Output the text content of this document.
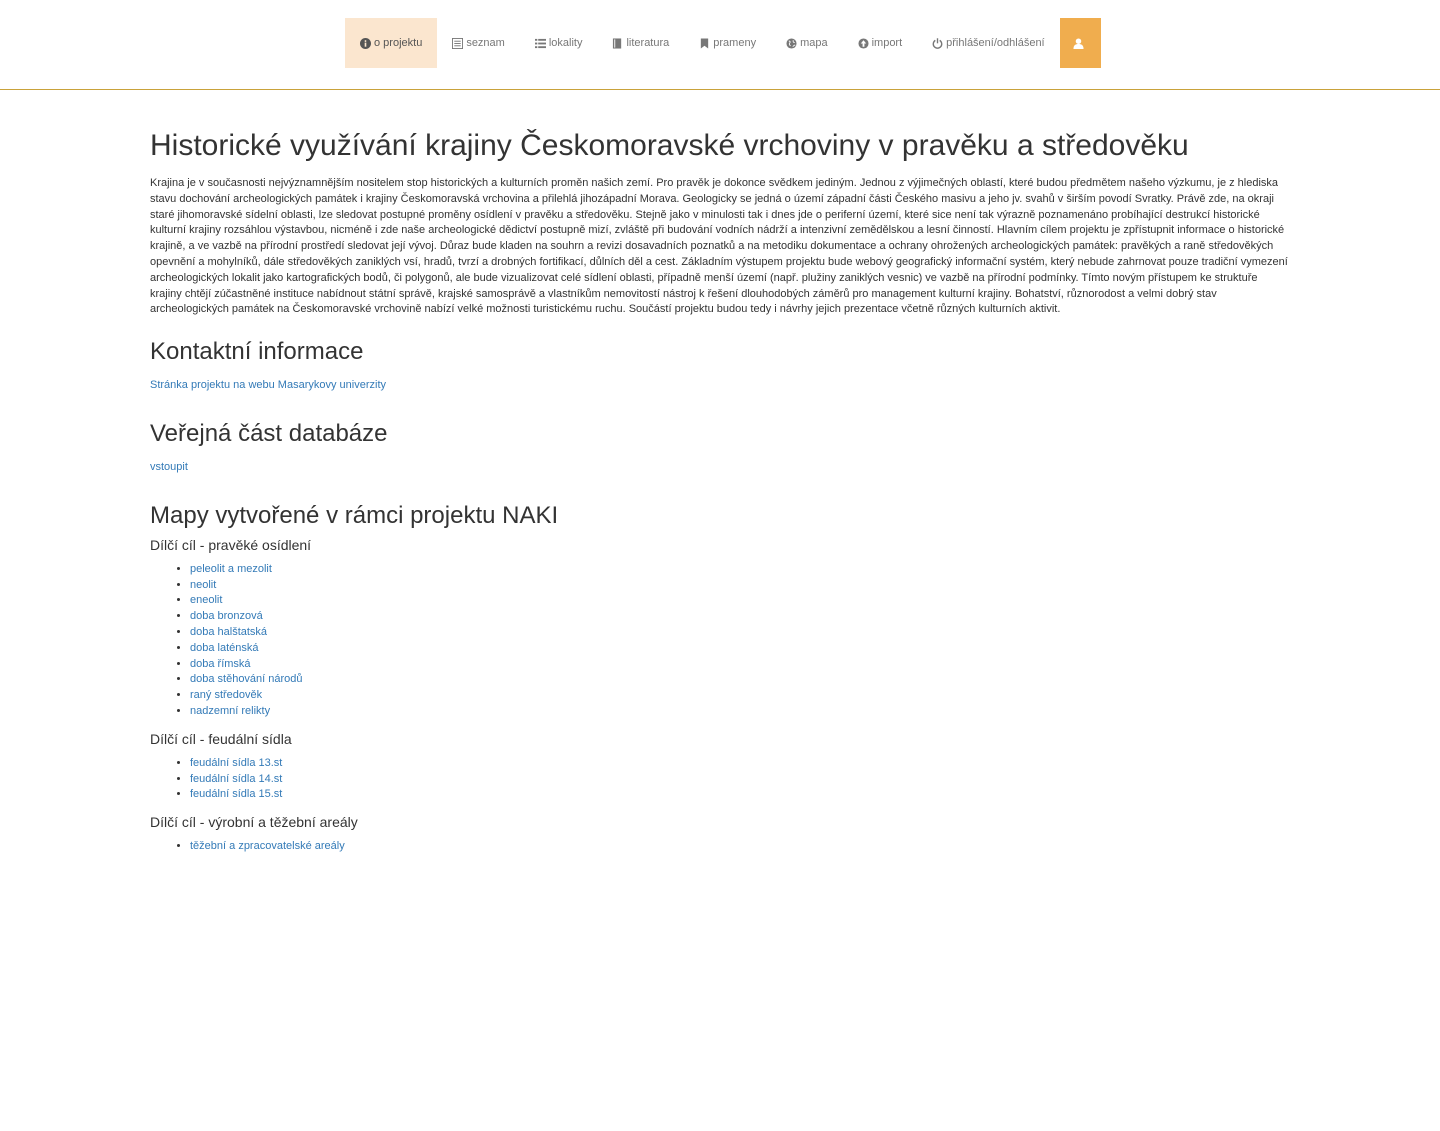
o projektu	seznam	lokality	literatura	prameny	mapa	import	přihlášení/odhlášení
Historické využívání krajiny Českomoravské vrchoviny v pravěku a středověku

Krajina je v současnosti nejvýznamnějším nositelem stop historických a kulturních proměn našich zemí. Pro pravěk je dokonce svědkem jediným. Jednou z výjimečných oblastí, které budou předmětem našeho výzkumu, je z hlediska stavu dochování archeologických památek i krajiny Českomoravská vrchovina a přilehlá jihozápadní Morava. Geologicky se jedná o území západní části Českého masivu a jeho jv. svahů v širším povodí Svratky. Právě zde, na okraji staré jihomoravské sídelní oblasti, lze sledovat postupné proměny osídlení v pravěku a středověku. Stejně jako v minulosti tak i dnes jde o periferní území, které sice není tak výrazně poznamenáno probíhající destrukcí historické kulturní krajiny rozsáhlou výstavbou, nicméně i zde naše archeologické dědictví postupně mizí, zvláště při budování vodních nádrží a intenzivní zemědělskou a lesní činností. Hlavním cílem projektu je zpřístupnit informace o historické krajině, a ve vazbě na přírodní prostředí sledovat její vývoj. Důraz bude kladen na souhrn a revizi dosavadních poznatků a na metodiku dokumentace a ochrany ohrožených archeologických památek: pravěkých a raně středověkých opevnění a mohylníků, dále středověkých zaniklých vsí, hradů, tvrzí a drobných fortifikací, důlních děl a cest. Základním výstupem projektu bude webový geografický informační systém, který nebude zahrnovat pouze tradiční vymezení archeologických lokalit jako kartografických bodů, či polygonů, ale bude vizualizovat celé sídlení oblasti, případně menší území (např. plužiny zaniklých vesnic) ve vazbě na přírodní podmínky. Tímto novým přístupem ke struktuře krajiny chtějí zúčastněné instituce nabídnout státní správě, krajské samosprávě a vlastníkům nemovitostí nástroj k řešení dlouhodobých záměrů pro management kulturní krajiny. Bohatství, různorodost a velmi dobrý stav archeologických památek na Českomoravské vrchovině nabízí velké možnosti turistickému ruchu. Součástí projektu budou tedy i návrhy jejich prezentace včetně různých kulturních aktivit.

Kontaktní informace

Stránka projektu na webu Masarykovy univerzity

Veřejná část databáze

vstoupit

Mapy vytvořené v rámci projektu NAKI
Dílčí cíl - pravěké osídlení
• peleolit a mezolit
• neolit
• eneolit
• doba bronzová
• doba halštatská
• doba laténská
• doba římská
• doba stěhování národů
• raný středověk
• nadzemní relikty
Dílčí cíl - feudální sídla
• feudální sídla 13.st
• feudální sídla 14.st
• feudální sídla 15.st
Dílčí cíl - výrobní a těžební areály
• těžební a zpracovatelské areály
